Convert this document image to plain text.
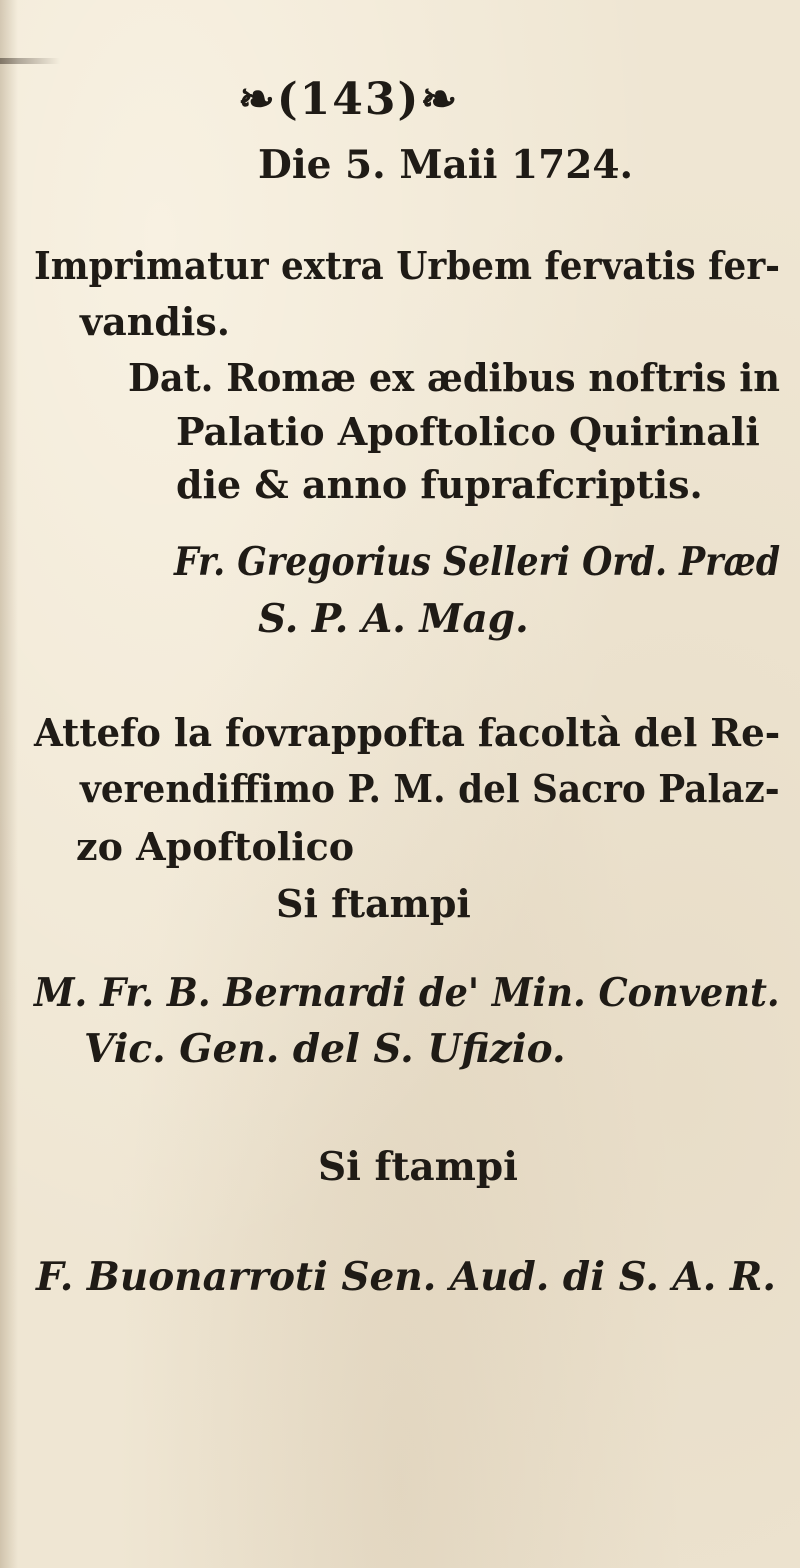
❧(143)❧
Die 5. Maii 1724.
Imprimatur extra Urbem fervatis fer-
vandis.
Dat. Romæ ex ædibus noftris in
Palatio Apoftolico Quirinali
die & anno fuprafcriptis.
Fr. Gregorius Selleri Ord. Præd
S. P. A. Mag.
Attefo la fovrappofta facoltà del Re-
verendiffimo P. M. del Sacro Palaz-
zo Apoftolico
Si ftampi
M. Fr. B. Bernardi de' Min. Convent.
Vic. Gen. del S. Ufizio.
Si ftampi
F. Buonarroti Sen. Aud. di S. A. R.
